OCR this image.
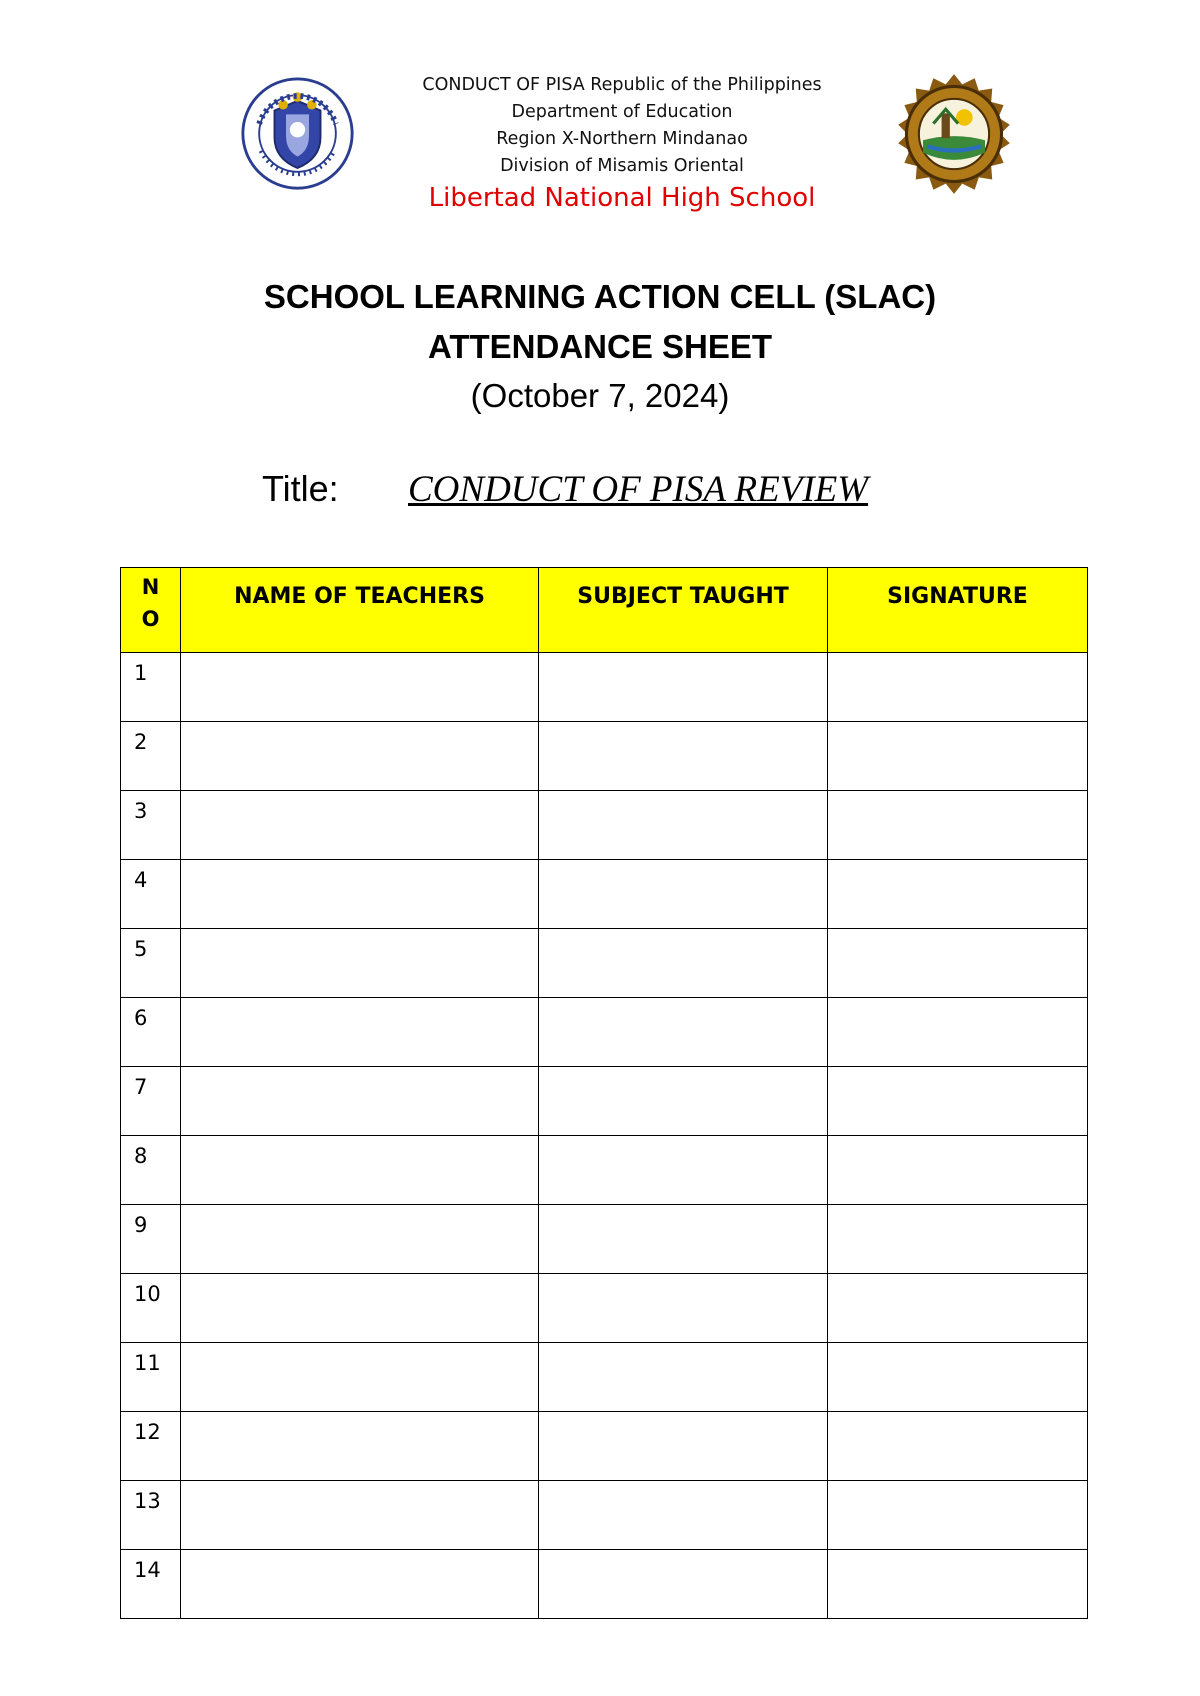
CONDUCT OF PISA Republic of the Philippines
Department of Education
Region X-Northern Mindanao
Division of Misamis Oriental
Libertad National High School
SCHOOL LEARNING ACTION CELL (SLAC)
ATTENDANCE SHEET
(October 7, 2024)
Title: CONDUCT OF PISA REVIEW
N
O	NAME OF TEACHERS	SUBJECT TAUGHT	SIGNATURE
1			
2			
3			
4			
5			
6			
7			
8			
9			
10			
11			
12			
13			
14			
